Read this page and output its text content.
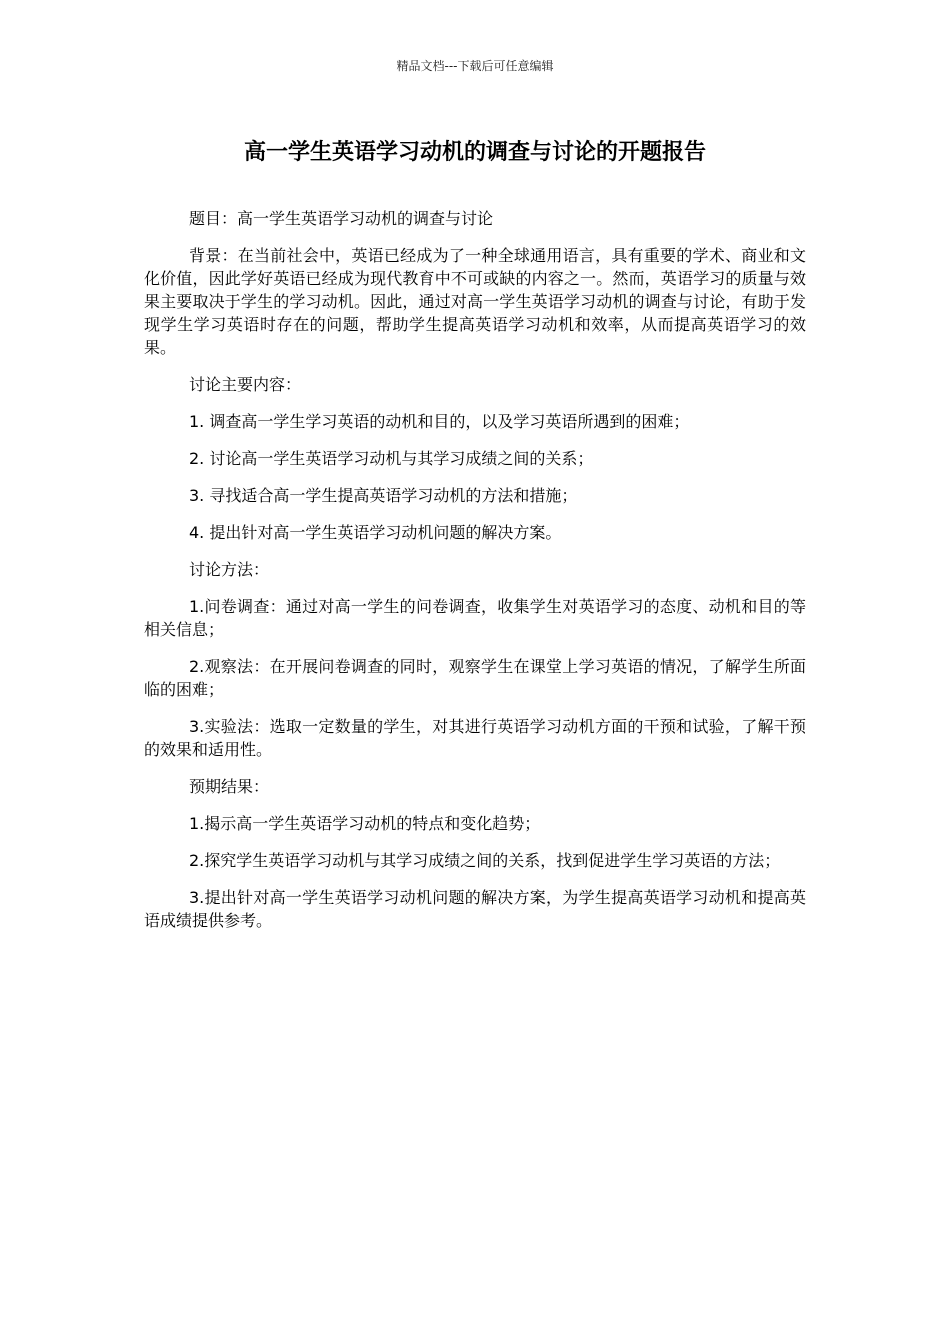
精品文档---下载后可任意编辑
高一学生英语学习动机的调查与讨论的开题报告

题目：高一学生英语学习动机的调查与讨论

背景：在当前社会中，英语已经成为了一种全球通用语言，具有重要的学术、商业和文化价值，因此学好英语已经成为现代教育中不可或缺的内容之一。然而，英语学习的质量与效果主要取决于学生的学习动机。因此，通过对高一学生英语学习动机的调查与讨论，有助于发现学生学习英语时存在的问题，帮助学生提高英语学习动机和效率，从而提高英语学习的效果。

讨论主要内容：

1. 调查高一学生学习英语的动机和目的，以及学习英语所遇到的困难；

2. 讨论高一学生英语学习动机与其学习成绩之间的关系；

3. 寻找适合高一学生提高英语学习动机的方法和措施；

4. 提出针对高一学生英语学习动机问题的解决方案。

讨论方法：

1.问卷调查：通过对高一学生的问卷调查，收集学生对英语学习的态度、动机和目的等相关信息；

2.观察法：在开展问卷调查的同时，观察学生在课堂上学习英语的情况，了解学生所面临的困难；

3.实验法：选取一定数量的学生，对其进行英语学习动机方面的干预和试验，了解干预的效果和适用性。

预期结果：

1.揭示高一学生英语学习动机的特点和变化趋势；

2.探究学生英语学习动机与其学习成绩之间的关系，找到促进学生学习英语的方法；

3.提出针对高一学生英语学习动机问题的解决方案，为学生提高英语学习动机和提高英语成绩提供参考。
